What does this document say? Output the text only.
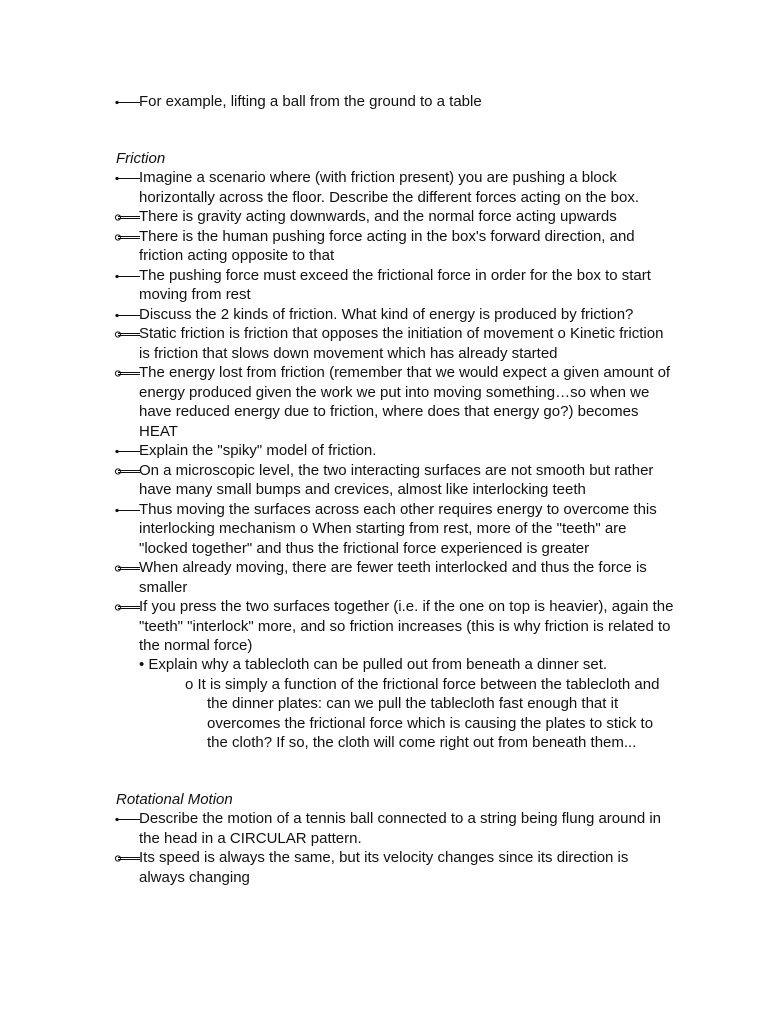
For example, lifting a ball from the ground to a table
Friction
Imagine a scenario where (with friction present) you are pushing a block horizontally across the floor. Describe the different forces acting on the box.
There is gravity acting downwards, and the normal force acting upwards
There is the human pushing force acting in the box's forward direction, and friction acting opposite to that
The pushing force must exceed the frictional force in order for the box to start moving from rest
Discuss the 2 kinds of friction. What kind of energy is produced by friction?
Static friction is friction that opposes the initiation of movement o Kinetic friction is friction that slows down movement which has already started
The energy lost from friction (remember that we would expect a given amount of energy produced given the work we put into moving something…so when we have reduced energy due to friction, where does that energy go?) becomes HEAT
Explain the "spiky" model of friction.
On a microscopic level, the two interacting surfaces are not smooth but rather have many small bumps and crevices, almost like interlocking teeth
Thus moving the surfaces across each other requires energy to overcome this interlocking mechanism o When starting from rest, more of the "teeth" are "locked together" and thus the frictional force experienced is greater
When already moving, there are fewer teeth interlocked and thus the force is smaller
If you press the two surfaces together (i.e. if the one on top is heavier), again the "teeth" "interlock" more, and so friction increases (this is why friction is related to the normal force)
• Explain why a tablecloth can be pulled out from beneath a dinner set.
o It is simply a function of the frictional force between the tablecloth and the dinner plates: can we pull the tablecloth fast enough that it overcomes the frictional force which is causing the plates to stick to the cloth? If so, the cloth will come right out from beneath them...
Rotational Motion
Describe the motion of a tennis ball connected to a string being flung around in the head in a CIRCULAR pattern.
Its speed is always the same, but its velocity changes since its direction is always changing
